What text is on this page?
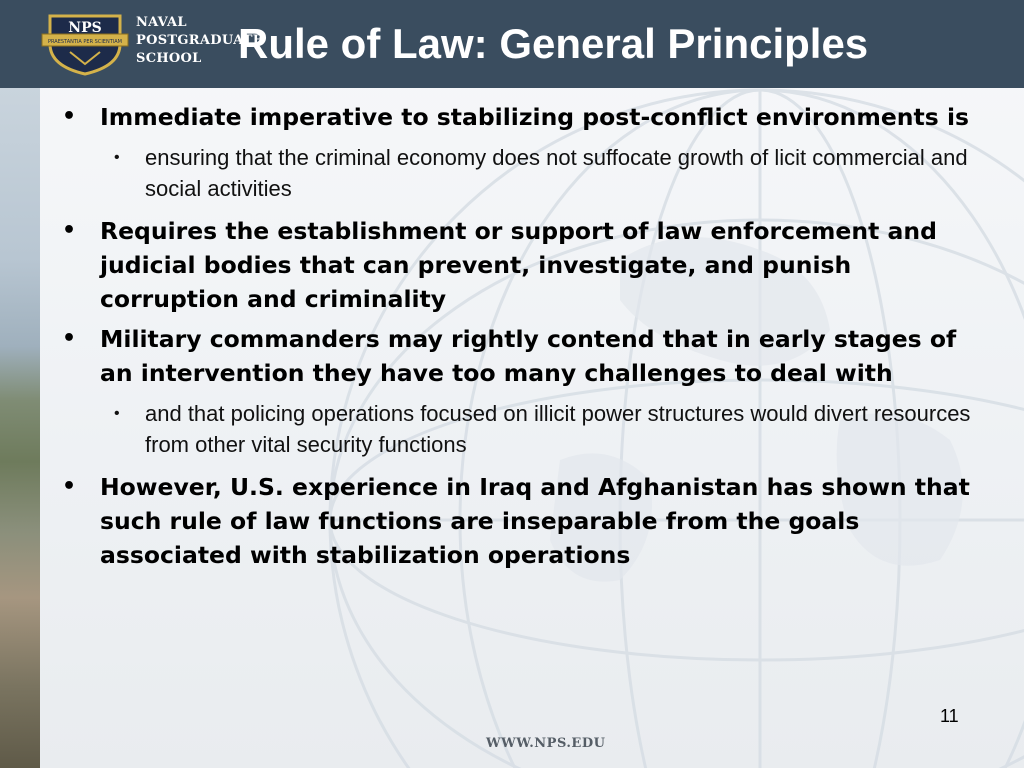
NPS
PRAESTANTIA PER SCIENTIAM
NAVAL
POSTGRADUATE
SCHOOL Rule of Law: General Principles
• Immediate imperative to stabilizing post-conflict environments is
• ensuring that the criminal economy does not suffocate growth of licit commercial and social activities
• Requires the establishment or support of law enforcement and judicial bodies that can prevent, investigate, and punish corruption and criminality
• Military commanders may rightly contend that in early stages of an intervention they have too many challenges to deal with
• and that policing operations focused on illicit power structures would divert resources from other vital security functions
• However, U.S. experience in Iraq and Afghanistan has shown that such rule of law functions are inseparable from the goals associated with stabilization operations
11
WWW.NPS.EDU
